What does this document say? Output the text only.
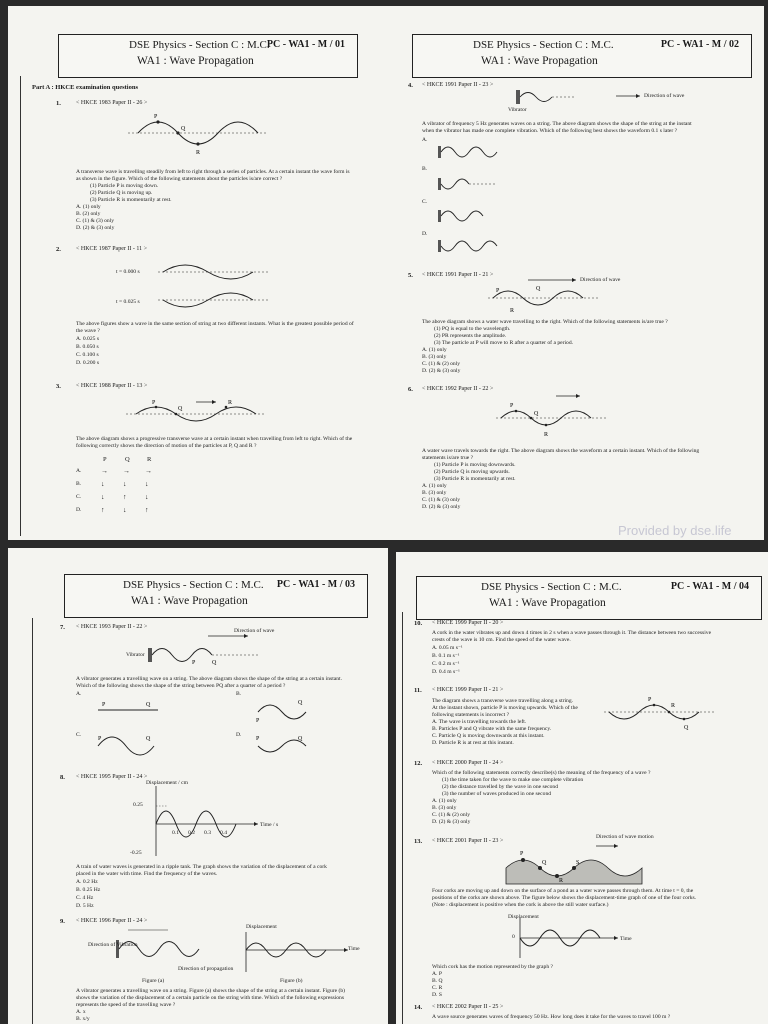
DSE Physics - Section C : M.C.
WA1 : Wave Propagation
PC - WA1 - M / 01
Part A : HKCE examination questions
1.	< HKCE 1983 Paper II - 26 >
P
Q
R
A transverse wave is travelling steadily from left to right through a series of particles. At a certain instant the wave form is
as shown in the figure. Which of the following statements about the particles is/are correct ?
(1) Particle P is moving down.
(2) Particle Q is moving up.
(3) Particle R is momentarily at rest.
A. (1) only
B. (2) only
C. (1) & (3) only
D. (2) & (3) only
2.	< HKCE 1987 Paper II - 11 >
t = 0.000 s
t = 0.025 s
The above figures show a wave in the same section of string at two different instants. What is the greatest possible period of
the wave ?
A. 0.025 s
B. 0.050 s
C. 0.100 s
D. 0.200 s
3.	< HKCE 1988 Paper II - 13 >
P
Q
R
The above diagram shows a progressive transverse wave at a certain instant when travelling from left to right. Which of the
following correctly shows the direction of motion of the particles at P, Q and R ?
P	Q	R
A.	→ → →
B.	↓	↓	↓
C.	↓	↑	↓
D.	↑	↓	↑
DSE Physics - Section C : M.C.
WA1 : Wave Propagation
PC - WA1 - M / 02
4. < HKCE 1991 Paper II - 23 >
Vibrator
Direction of wave
A vibrator of frequency 5 Hz generates waves on a string. The above diagram shows the shape of the string at the instant
when the vibrator has made one complete vibration. Which of the following best shows the waveform 0.1 s later ?
A.
B.
C.
D.
5. < HKCE 1991 Paper II - 21 >
P	Q
R
Direction of wave
The above diagram shows a water wave travelling to the right. Which of the following statements is/are true ?
(1) PQ is equal to the wavelength.
(2) PR represents the amplitude.
(3) The particle at P will move to R after a quarter of a period.
A. (1) only
B. (3) only
C. (1) & (2) only
D. (2) & (3) only
6. < HKCE 1992 Paper II - 22 >
P
Q
R
A water wave travels towards the right. The above diagram shows the waveform at a certain instant. Which of the following
statements is/are true ?
(1) Particle P is moving downwards.
(2) Particle Q is moving upwards.
(3) Particle R is momentarily at rest.
A. (1) only
B. (3) only
C. (1) & (3) only
D. (2) & (3) only
Provided by dse.life
DSE Physics - Section C : M.C.
WA1 : Wave Propagation
PC - WA1 - M / 03
7. < HKCE 1993 Paper II - 22 >
P	Q
Direction of wave
Vibrator
A vibrator generates a travelling wave on a string. The above diagram shows the shape of the string at a certain instant.
Which of the following shows the shape of the string between PQ after a quarter of a period ?
A.	B.
C.	D.
P	Q
P
Q
P	Q	P	Q
8. < HKCE 1995 Paper II - 24 >
Displacement / cm
0.25
-0.25
Time / s
0.1 0.2 0.3 0.4
A train of water waves is generated in a ripple tank. The graph shows the variation of the displacement of a cork
placed in the water with time. Find the frequency of the waves.
A. 0.2 Hz
B. 0.25 Hz
C. 4 Hz
D. 5 Hz
9. < HKCE 1996 Paper II - 24 >
Displacement
Time
Direction of Vibration
Direction of propagation
Figure (a)	Figure (b)
A vibrator generates a travelling wave on a string. Figure (a) shows the shape of the string at a certain instant. Figure (b)
shows the variation of the displacement of a certain particle on the string with time. Which of the following expressions
represents the speed of the travelling wave ?
A. x
B. x/y
DSE Physics - Section C : M.C.
WA1 : Wave Propagation
PC - WA1 - M / 04
10. < HKCE 1999 Paper II - 20 >
A cork in the water vibrates up and down 4 times in 2 s when a wave passes through it. The distance between two successive
crests of the wave is 10 cm. Find the speed of the water wave.
A. 0.05 m s⁻¹
B. 0.1 m s⁻¹
C. 0.2 m s⁻¹
D. 0.4 m s⁻¹
11. < HKCE 1999 Paper II - 21 >
The diagram shows a transverse wave travelling along a string.
At the instant shown, particle P is moving upwards. Which of the
following statements is incorrect ?
A. The wave is travelling towards the left.
B. Particles P and Q vibrate with the same frequency.
C. Particle Q is moving downwards at this instant.
D. Particle R is at rest at this instant.
P
R
Q
12. < HKCE 2000 Paper II - 24 >
Which of the following statements correctly describe(s) the meaning of the frequency of a wave ?
(1) the time taken for the wave to make one complete vibration
(2) the distance travelled by the wave in one second
(3) the number of waves produced in one second
A. (1) only
B. (3) only
C. (1) & (2) only
D. (2) & (3) only
13. < HKCE 2001 Paper II - 23 >
Direction of wave motion
P
Q
R
S
Four corks are moving up and down on the surface of a pond as a water wave passes through them. At time t = 0, the
positions of the corks are shown above. The figure below shows the displacement-time graph of one of the four corks.
(Note : displacement is positive when the cork is above the still water surface.)
Displacement
0	Time
Which cork has the motion represented by the graph ?
A. P
B. Q
C. R
D. S
14. < HKCE 2002 Paper II - 25 >
A wave source generates waves of frequency 50 Hz. How long does it take for the waves to travel 100 m ?
